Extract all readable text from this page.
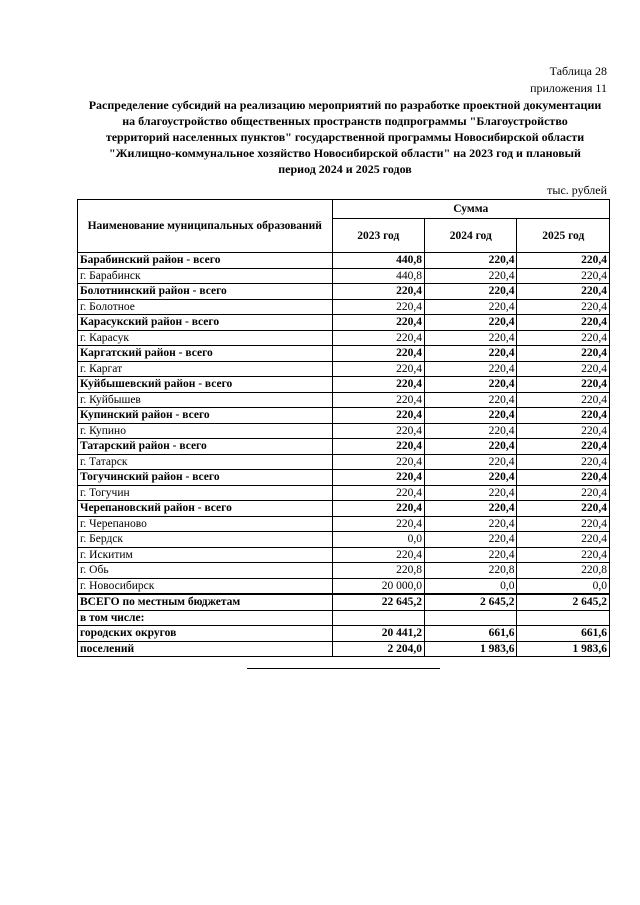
Таблица 28
приложения 11
Распределение субсидий на реализацию мероприятий по разработке проектной документации
на благоустройство общественных пространств подпрограммы "Благоустройство
территорий населенных пунктов" государственной программы Новосибирской области
"Жилищно-коммунальное хозяйство Новосибирской области" на 2023 год и плановый
период 2024 и 2025 годов
тыс. рублей
Наименование муниципальных образований	Сумма		
	2023 год	2024 год	2025 год
Барабинский район - всего	440,8	220,4	220,4
г. Барабинск	440,8	220,4	220,4
Болотнинский район - всего	220,4	220,4	220,4
г. Болотное	220,4	220,4	220,4
Карасукский район - всего	220,4	220,4	220,4
г. Карасук	220,4	220,4	220,4
Каргатский район - всего	220,4	220,4	220,4
г. Каргат	220,4	220,4	220,4
Куйбышевский район - всего	220,4	220,4	220,4
г. Куйбышев	220,4	220,4	220,4
Купинский район - всего	220,4	220,4	220,4
г. Купино	220,4	220,4	220,4
Татарский район - всего	220,4	220,4	220,4
г. Татарск	220,4	220,4	220,4
Тогучинский район - всего	220,4	220,4	220,4
г. Тогучин	220,4	220,4	220,4
Черепановский район - всего	220,4	220,4	220,4
г. Черепаново	220,4	220,4	220,4
г. Бердск	0,0	220,4	220,4
г. Искитим	220,4	220,4	220,4
г. Обь	220,8	220,8	220,8
г. Новосибирск	20 000,0	0,0	0,0
ВСЕГО по местным бюджетам	22 645,2	2 645,2	2 645,2
в том числе:			
городских округов	20 441,2	661,6	661,6
поселений	2 204,0	1 983,6	1 983,6
